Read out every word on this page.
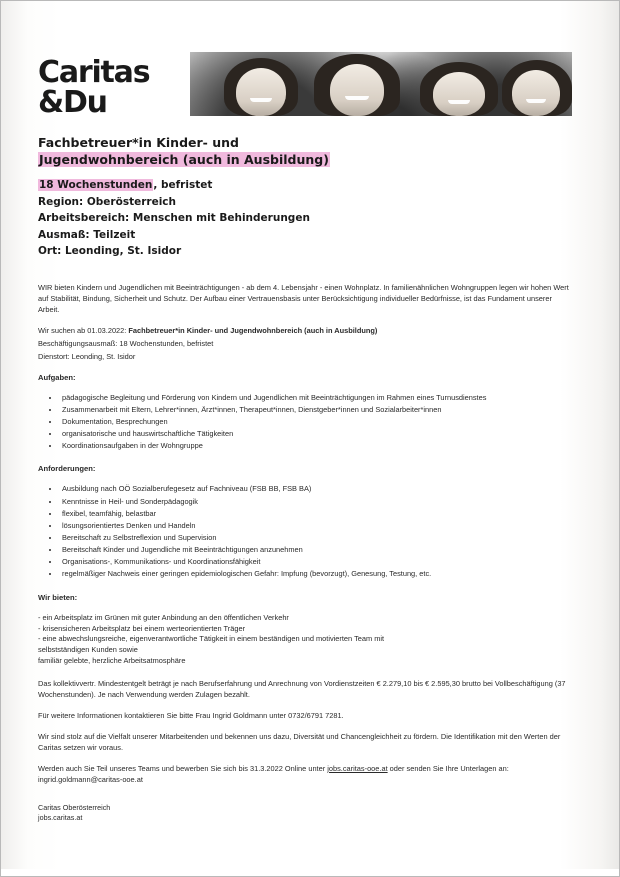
Caritas
&Du
Fachbetreuer*in Kinder- und
Jugendwohnbereich (auch in Ausbildung)
18 Wochenstunden, befristet
Region: Oberösterreich
Arbeitsbereich: Menschen mit Behinderungen
Ausmaß: Teilzeit
Ort: Leonding, St. Isidor

WIR bieten Kindern und Jugendlichen mit Beeinträchtigungen - ab dem 4. Lebensjahr - einen Wohnplatz. In familienähnlichen Wohngruppen legen wir hohen Wert auf Stabilität, Bindung, Sicherheit und Schutz. Der Aufbau einer Vertrauensbasis unter Berücksichtigung individueller Bedürfnisse, ist das Fundament unserer Arbeit.

Wir suchen ab 01.03.2022: Fachbetreuer*in Kinder- und Jugendwohnbereich (auch in Ausbildung)

Beschäftigungsausmaß: 18 Wochenstunden, befristet

Dienstort: Leonding, St. Isidor

Aufgaben:

• pädagogische Begleitung und Förderung von Kindern und Jugendlichen mit Beeinträchtigungen im Rahmen eines Turnusdienstes
• Zusammenarbeit mit Eltern, Lehrer*innen, Ärzt*innen, Therapeut*innen, Dienstgeber*innen und Sozialarbeiter*innen
• Dokumentation, Besprechungen
• organisatorische und hauswirtschaftliche Tätigkeiten
• Koordinationsaufgaben in der Wohngruppe

Anforderungen:

• Ausbildung nach OÖ Sozialberufegesetz auf Fachniveau (FSB BB, FSB BA)
• Kenntnisse in Heil- und Sonderpädagogik
• flexibel, teamfähig, belastbar
• lösungsorientiertes Denken und Handeln
• Bereitschaft zu Selbstreflexion und Supervision
• Bereitschaft Kinder und Jugendliche mit Beeinträchtigungen anzunehmen
• Organisations-, Kommunikations- und Koordinationsfähigkeit
• regelmäßiger Nachweis einer geringen epidemiologischen Gefahr: Impfung (bevorzugt), Genesung, Testung, etc.

Wir bieten:

- ein Arbeitsplatz im Grünen mit guter Anbindung an den öffentlichen Verkehr
- krisensicheren Arbeitsplatz bei einem werteorientierten Träger
- eine abwechslungsreiche, eigenverantwortliche Tätigkeit in einem beständigen und motivierten Team mit
selbstständigen Kunden sowie
familiär gelebte, herzliche Arbeitsatmosphäre

Das kollektivvertr. Mindestentgelt beträgt je nach Berufserfahrung und Anrechnung von Vordienstzeiten € 2.279,10 bis € 2.595,30 brutto bei Vollbeschäftigung (37 Wochenstunden). Je nach Verwendung werden Zulagen bezahlt.

Für weitere Informationen kontaktieren Sie bitte Frau Ingrid Goldmann unter 0732/6791 7281.

Wir sind stolz auf die Vielfalt unserer Mitarbeitenden und bekennen uns dazu, Diversität und Chancengleichheit zu fördern. Die Identifikation mit den Werten der Caritas setzen wir voraus.

Werden auch Sie Teil unseres Teams und bewerben Sie sich bis 31.3.2022 Online unter jobs.caritas-ooe.at oder senden Sie Ihre Unterlagen an: ingrid.goldmann@caritas-ooe.at

Caritas Oberösterreich
jobs.caritas.at
